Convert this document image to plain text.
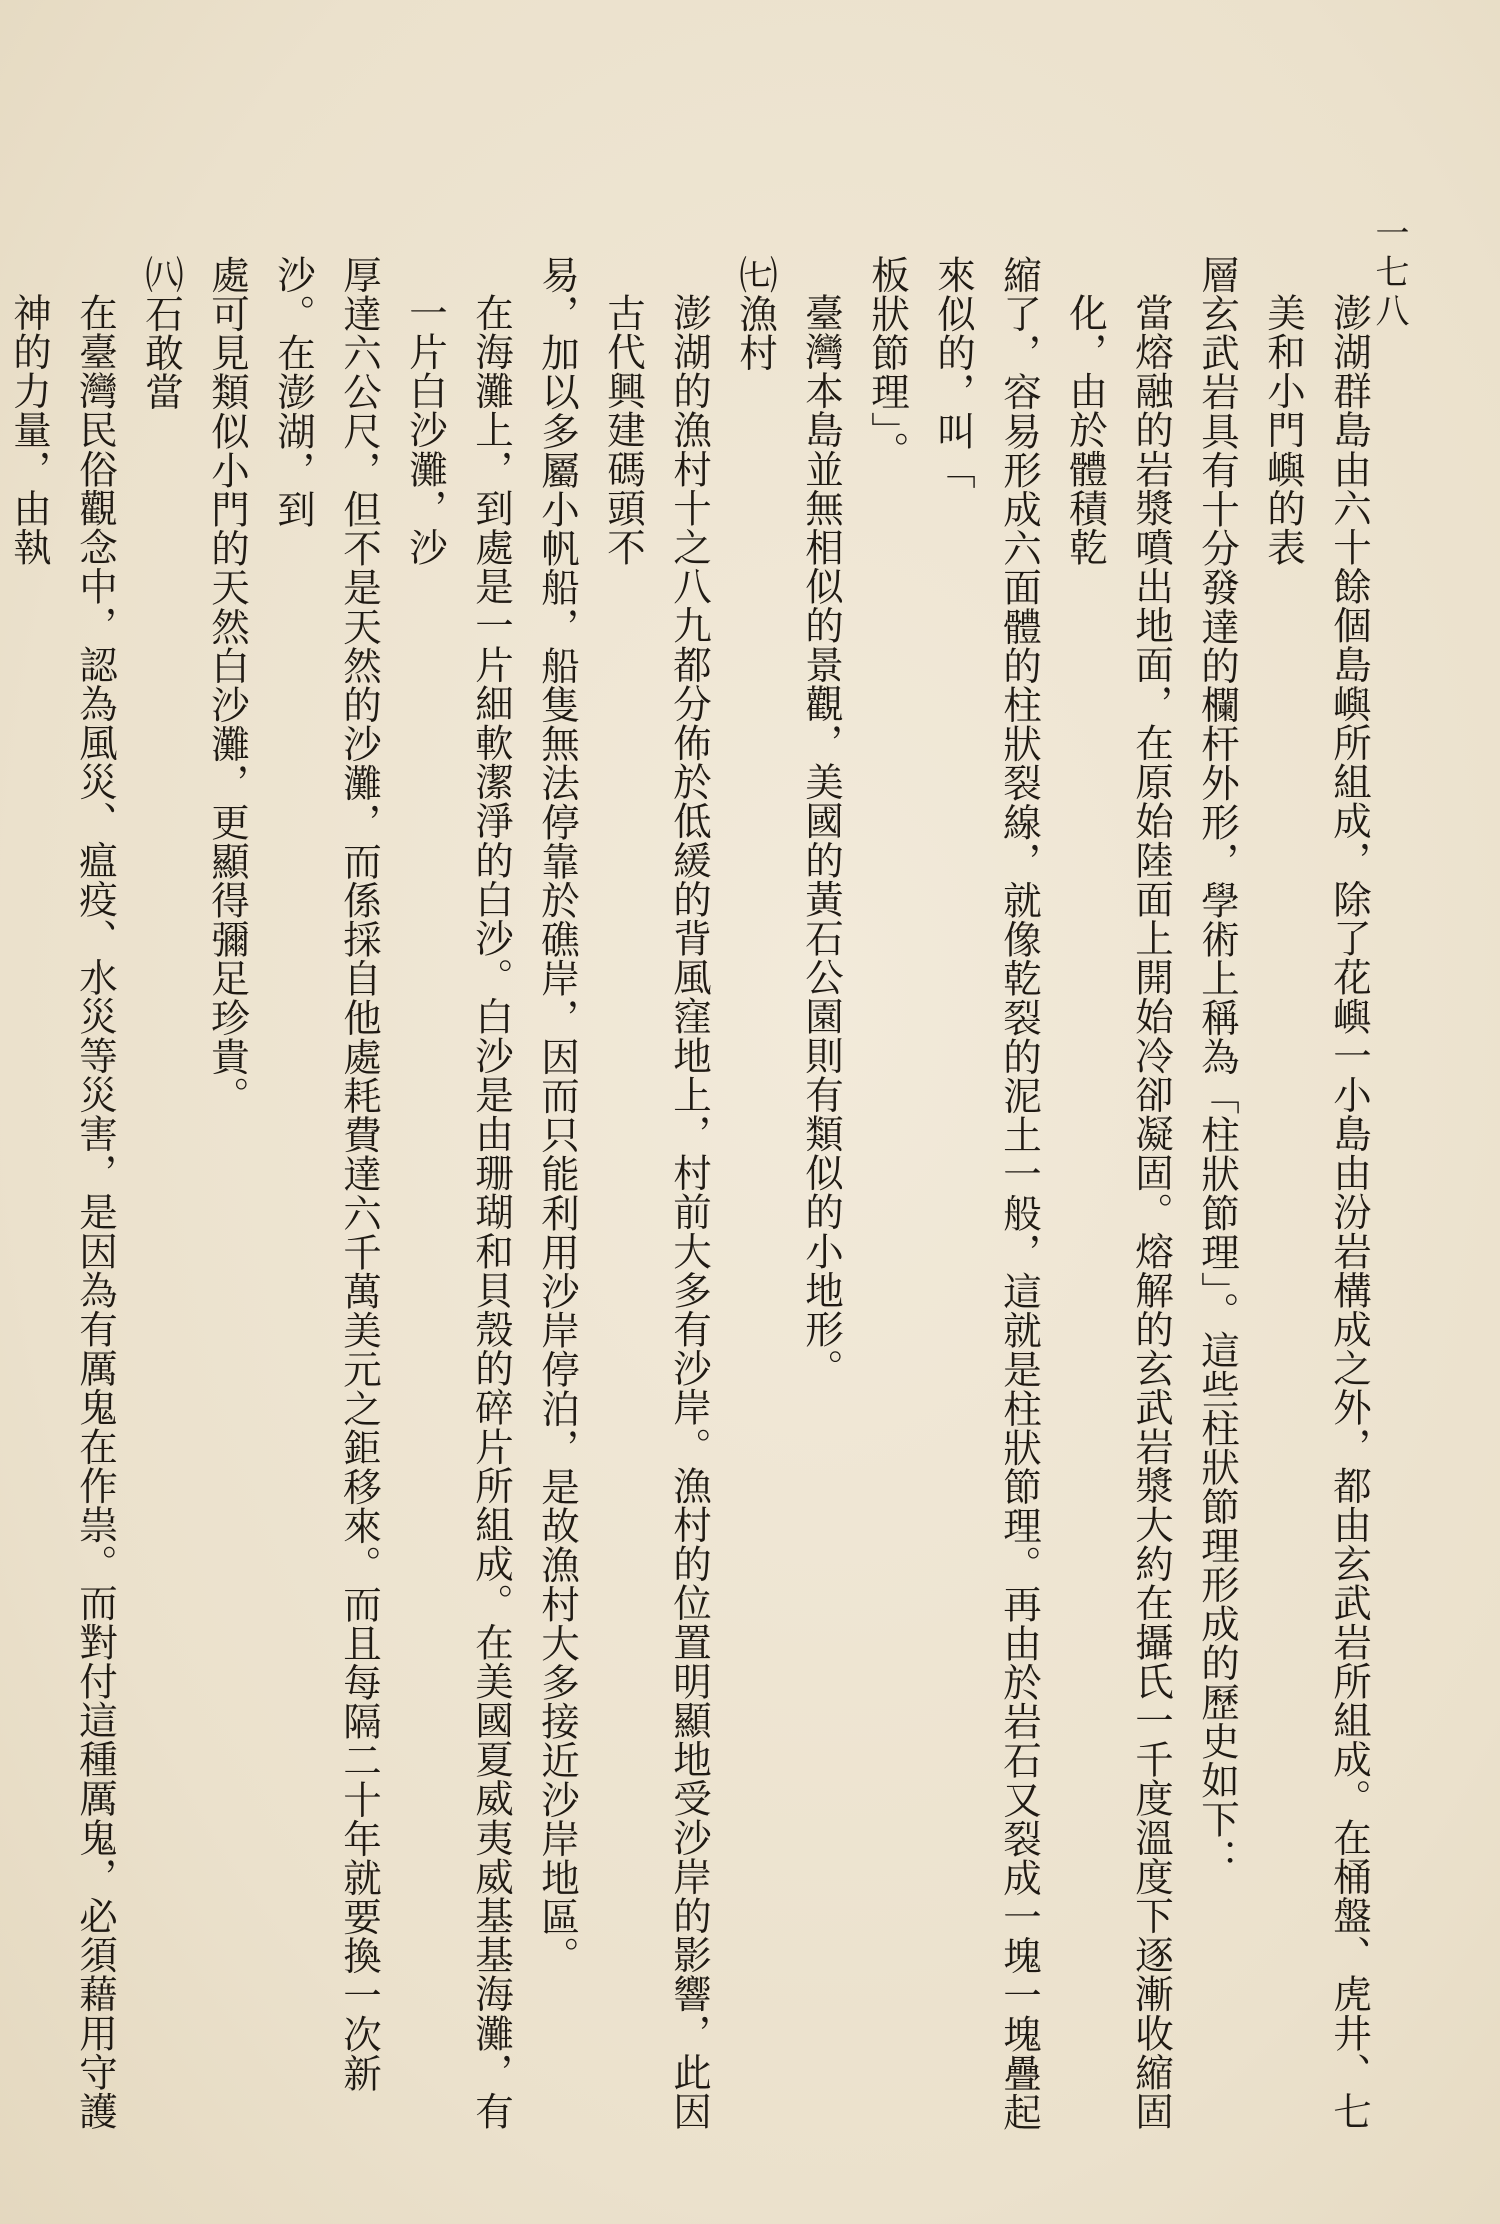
一七八

澎湖群島由六十餘個島嶼所組成，除了花嶼一小島由汾岩構成之外，都由玄武岩所組成。在桶盤、虎井、七美和小門嶼的表

層玄武岩具有十分發達的欄杆外形，學術上稱為「柱狀節理」。這些柱狀節理形成的歷史如下：

當熔融的岩漿噴出地面，在原始陸面上開始冷卻凝固。熔解的玄武岩漿大約在攝氏一千度溫度下逐漸收縮固化，由於體積乾

縮了，容易形成六面體的柱狀裂線，就像乾裂的泥土一般，這就是柱狀節理。再由於岩石又裂成一塊一塊疊起來似的，叫「

板狀節理」。

臺灣本島並無相似的景觀，美國的黃石公園則有類似的小地形。

㈦漁村

澎湖的漁村十之八九都分佈於低緩的背風窪地上，村前大多有沙岸。漁村的位置明顯地受沙岸的影響，此因古代興建碼頭不

易，加以多屬小帆船，船隻無法停靠於礁岸，因而只能利用沙岸停泊，是故漁村大多接近沙岸地區。

在海灘上，到處是一片細軟潔淨的白沙。白沙是由珊瑚和貝殼的碎片所組成。在美國夏威夷威基基海灘，有一片白沙灘，沙

厚達六公尺，但不是天然的沙灘，而係採自他處耗費達六千萬美元之鉅移來。而且每隔二十年就要換一次新沙。在澎湖，到

處可見類似小門的天然白沙灘，更顯得彌足珍貴。

㈧石敢當

在臺灣民俗觀念中，認為風災、瘟疫、水災等災害，是因為有厲鬼在作祟。而對付這種厲鬼，必須藉用守護神的力量，由執
